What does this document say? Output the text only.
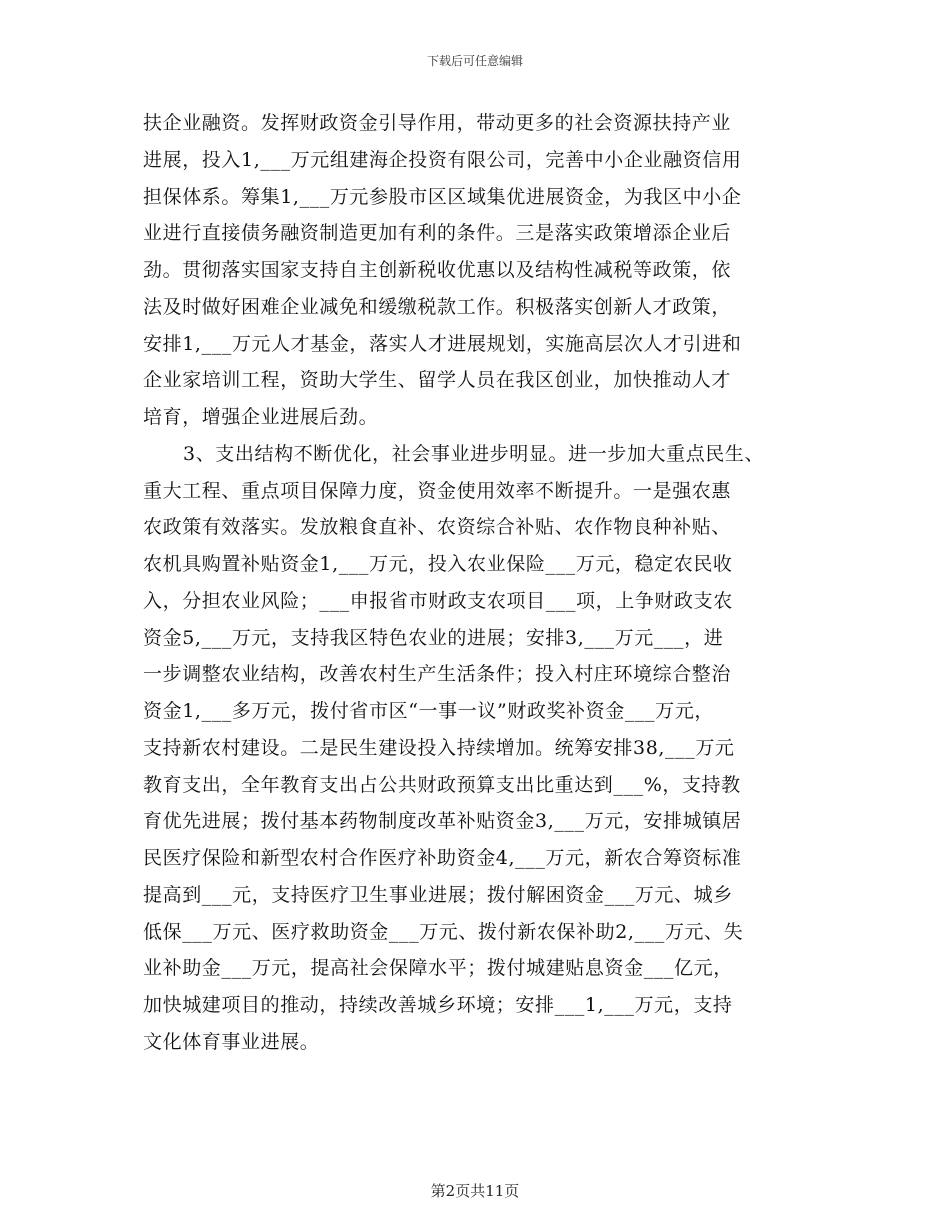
下载后可任意编辑
扶企业融资。发挥财政资金引导作用，带动更多的社会资源扶持产业
进展，投入1,___万元组建海企投资有限公司，完善中小企业融资信用
担保体系。筹集1,___万元参股市区区域集优进展资金，为我区中小企
业进行直接债务融资制造更加有利的条件。三是落实政策增添企业后
劲。贯彻落实国家支持自主创新税收优惠以及结构性减税等政策，依
法及时做好困难企业减免和缓缴税款工作。积极落实创新人才政策，
安排1,___万元人才基金，落实人才进展规划，实施高层次人才引进和
企业家培训工程，资助大学生、留学人员在我区创业，加快推动人才
培育，增强企业进展后劲。
3、支出结构不断优化，社会事业进步明显。进一步加大重点民生、
重大工程、重点项目保障力度，资金使用效率不断提升。一是强农惠
农政策有效落实。发放粮食直补、农资综合补贴、农作物良种补贴、
农机具购置补贴资金1,___万元，投入农业保险___万元，稳定农民收
入，分担农业风险；___申报省市财政支农项目___项，上争财政支农
资金5,___万元，支持我区特色农业的进展；安排3,___万元___，进
一步调整农业结构，改善农村生产生活条件；投入村庄环境综合整治
资金1,___多万元，拨付省市区“一事一议”财政奖补资金___万元，
支持新农村建设。二是民生建设投入持续增加。统筹安排38,___万元
教育支出，全年教育支出占公共财政预算支出比重达到___%，支持教
育优先进展；拨付基本药物制度改革补贴资金3,___万元，安排城镇居
民医疗保险和新型农村合作医疗补助资金4,___万元，新农合筹资标准
提高到___元，支持医疗卫生事业进展；拨付解困资金___万元、城乡
低保___万元、医疗救助资金___万元、拨付新农保补助2,___万元、失
业补助金___万元，提高社会保障水平；拨付城建贴息资金___亿元，
加快城建项目的推动，持续改善城乡环境；安排___1,___万元，支持
文化体育事业进展。
第2页共11页
